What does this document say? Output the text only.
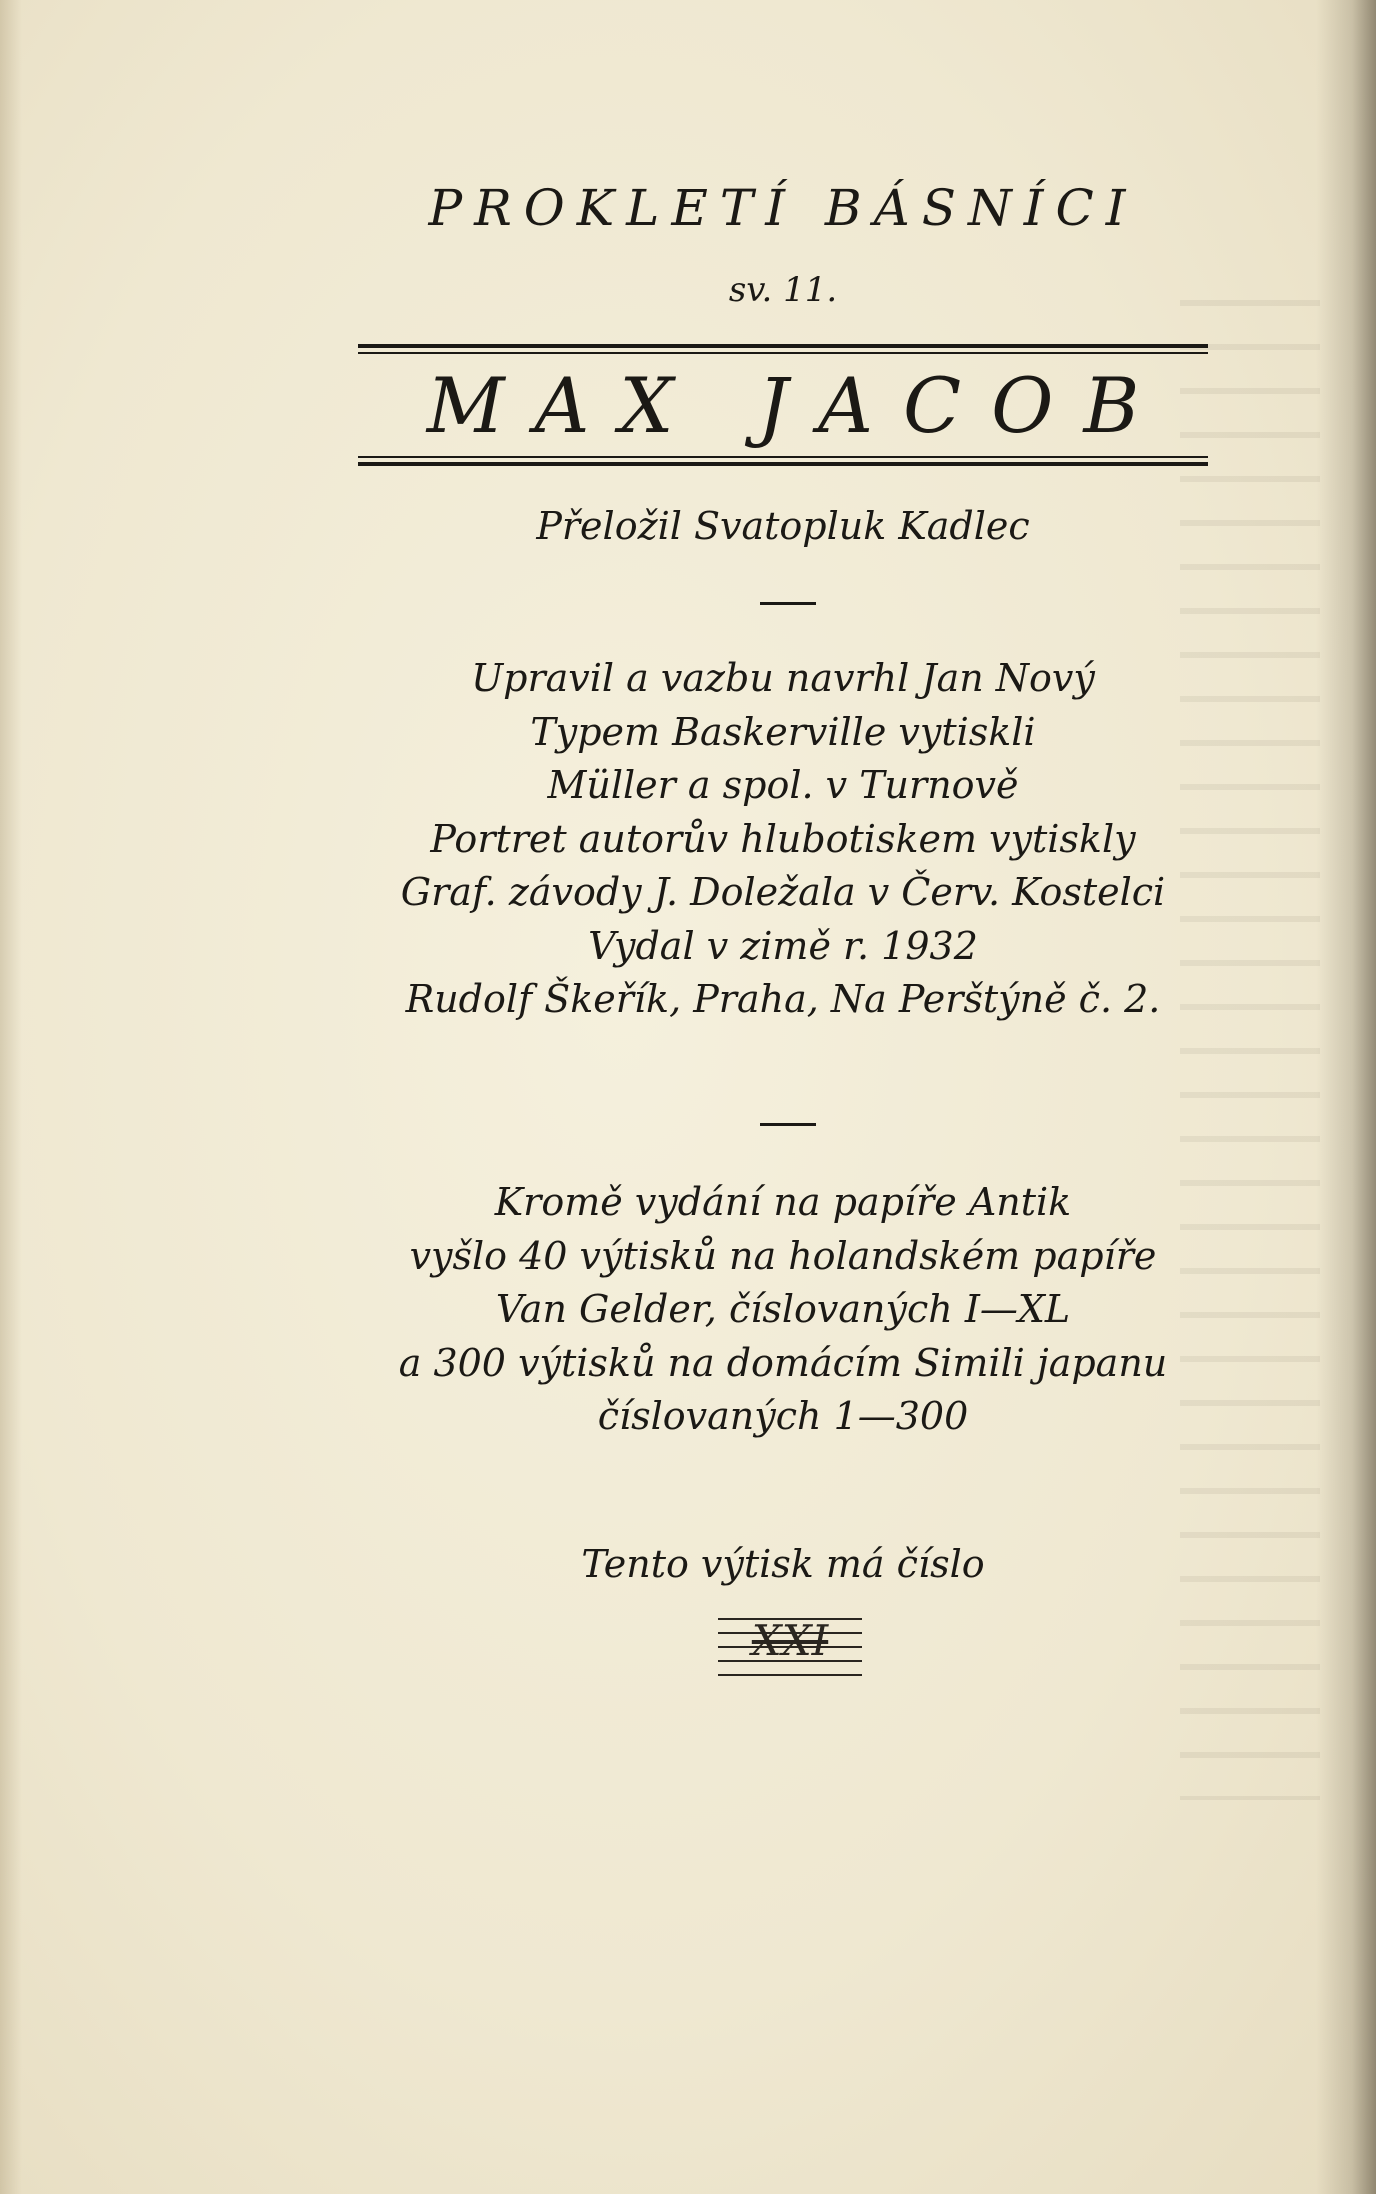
PROKLETÍ BÁSNÍCI
sv. 11.
MAX JACOB
Přeložil Svatopluk Kadlec

Upravil a vazbu navrhl Jan Nový

Typem Baskerville vytiskli

Müller a spol. v Turnově

Portret autorův hlubotiskem vytiskly

Graf. závody J. Doležala v Červ. Kostelci

Vydal v zimě r. 1932

Rudolf Škeřík, Praha, Na Perštýně č. 2.

Kromě vydání na papíře Antik

vyšlo 40 výtisků na holandském papíře

Van Gelder, číslovaných I—XL

a 300 výtisků na domácím Simili japanu

číslovaných 1—300

Tento výtisk má číslo
XXI
